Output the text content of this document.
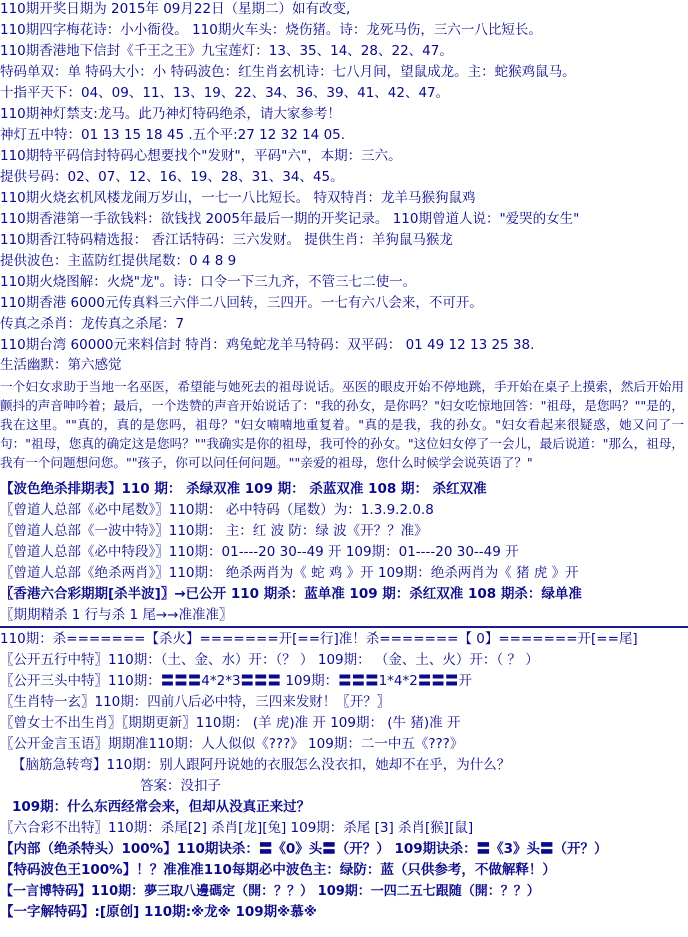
110期开奖日期为 2015年 09月22日（星期二）如有改变,
110期四字梅花诗：小小衙役。 110期火车头：烧伤猪。诗：龙死马伤，三六一八比短长。
110期香港地下信封《千王之王》九宝莲灯：13、35、14、28、22、47。
特码单双：单 特码大小：小 特码波色：红生肖玄机诗：七八月间，望鼠成龙。主：蛇猴鸡鼠马。
十指平天下：04、09、11、13、19、22、34、36、39、41、42、47。
110期神灯禁支:龙马。此乃神灯特码绝杀，请大家参考！
神灯五中特：01 13 15 18 45 .五个平:27 12 32 14 05.
110期特平码信封特码心想要找个"发财"，平码"六"，本期：三六。
提供号码：02、07、12、16、19、28、31、34、45。
110期火烧玄机风楼龙闹万岁山，一七一八比短长。 特双特肖：龙羊马猴狗鼠鸡
110期香港第一手欲钱料：欲钱找 2005年最后一期的开奖记录。 110期曾道人说："爱哭的女生"
110期香江特码精选报： 香江话特码：三六发财。 提供生肖：羊狗鼠马猴龙
提供波色：主蓝防红提供尾数：0 4 8 9
110期火烧图解：火烧"龙"。诗：口令一下三九齐，不管三七二使一。
110期香港 6000元传真料三六伴二八回转，三四开。一七有六八会来，不可开。
传真之杀肖：龙传真之杀尾：7
110期台湾 60000元来料信封 特肖：鸡兔蛇龙羊马特码：双平码： 01 49 12 13 25 38.
生活幽默：第六感觉
一个妇女求助于当地一名巫医，希望能与她死去的祖母说话。巫医的眼皮开始不停地跳，手开始在桌子上摸索，然后开始用颤抖的声音呻吟着；最后，一个迭赞的声音开始说话了："我的孙女，是你吗？"妇女吃惊地回答："祖母，是您吗？""是的，我在这里。""真的，真的是您吗，祖母？"妇女喃喃地重复着。"真的是我，我的孙女。"妇女看起来很疑惑，她又问了一句："祖母，您真的确定这是您吗？""我确实是你的祖母，我可怜的孙女。"这位妇女停了一会儿，最后说道："那么，祖母，我有一个问题想问您。""孩子，你可以问任何问题。""亲爱的祖母，您什么时候学会说英语了？"
【波色绝杀排期表】110 期： 杀绿双准 109 期： 杀蓝双准 108 期： 杀红双准
〖曾道人总部《必中尾数》〗110期： 必中特码（尾数）为：1.3.9.2.0.8
〖曾道人总部《一波中特》〗110期： 主：红 波 防：绿 波《开？？准》
〖曾道人总部《必中特段》〗110期：01----20 30--49 开 109期：01----20 30--49 开
〖曾道人总部《绝杀两肖》〗110期： 绝杀两肖为《 蛇 鸡 》开 109期：绝杀两肖为《 猪 虎 》开
〖香港六合彩期期[杀半波]〗→已公开 110 期杀：蓝单准 109 期：杀红双准 108 期杀：绿单准
〖期期精杀 1 行与杀 1 尾→→准准准〗
110期：杀=======【杀火】=======开[==行]准！杀=======【 0】=======开[==尾]
〖公开五行中特〗110期：（土、金、水）开：（？ ） 109期： （金、土、火）开：（ ？ ）
〖公开三头中特〗110期：〓〓〓4*2*3〓〓〓 109期：〓〓〓1*4*2〓〓〓开
〖生肖特一玄〗110期：四前八后必中特，三四来发财！〖开？〗
〖曾女士不出生肖〗〖期期更新〗110期： (羊 虎)准 开 109期： (牛 猪)准 开
〖公开金言玉语〗期期准110期：人人似似《???》 109期：二一中五《???》
【脑筋急转弯】110期：别人跟阿丹说她的衣服怎么没衣扣，她却不在乎，为什么？
答案：没扣子
109期：什么东西经常会来，但却从没真正来过？
〖六合彩不出特〗110期：杀尾[2] 杀肖[龙][兔] 109期：杀尾 [3] 杀肖[猴][鼠]
【内部（绝杀特头）100%】110期诀杀：〓《0》头〓（开？） 109期诀杀：〓《3》头〓（开？）
【特码波色王100%】！？准准准110每期必中波色主：绿防：蓝（只供参考，不做解释！）
【一言博特码】110期：夢三取八邊碼定（開：？？） 109期：一四二五七跟随（開：？？）
【一字解特码】:[原创] 110期:※龙※ 109期※慕※
